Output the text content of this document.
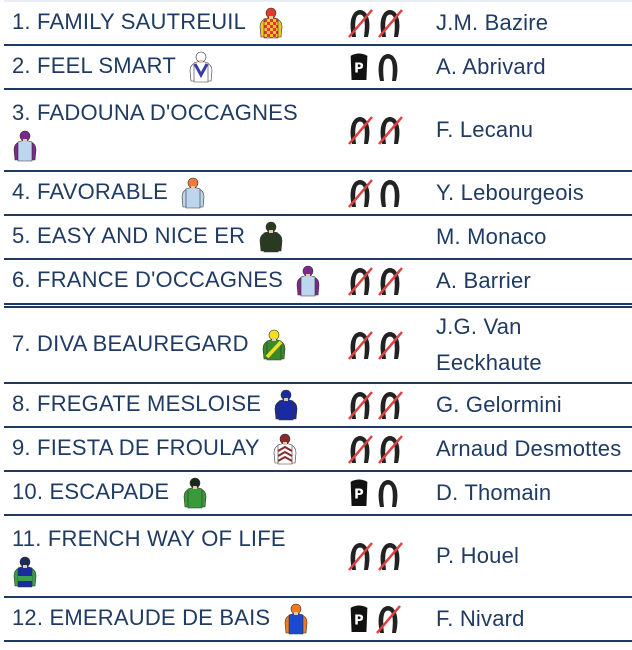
1. FAMILY SAUTREUIL		J.M. Bazire

2. FEEL SMART	P	A. Abrivard

3. FADOUNA D'OCCAGNES		F. Lecanu

4. FAVORABLE		Y. Lebourgeois

5. EASY AND NICE ER		M. Monaco

6. FRANCE D'OCCAGNES		A. Barrier

7. DIVA BEAUREGARD		J.G. Van
Eeckhaute

8. FREGATE MESLOISE		G. Gelormini

9. FIESTA DE FROULAY		Arnaud Desmottes

10. ESCAPADE	P	D. Thomain

11. FRENCH WAY OF LIFE		P. Houel

12. EMERAUDE DE BAIS	P	F. Nivard
